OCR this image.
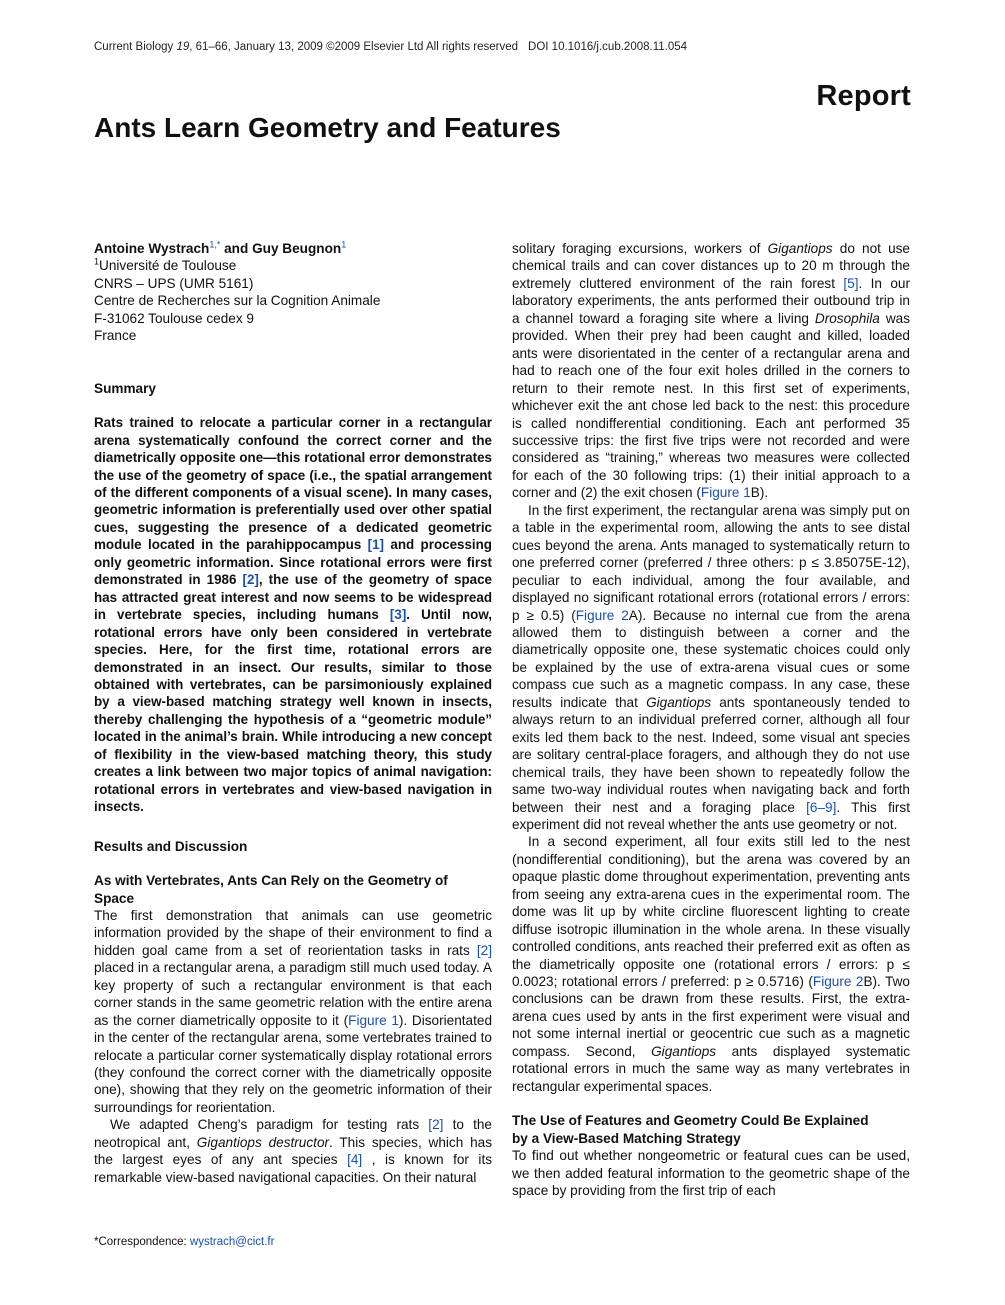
Current Biology 19, 61–66, January 13, 2009 ©2009 Elsevier Ltd All rights reserved DOI 10.1016/j.cub.2008.11.054
Report
Ants Learn Geometry and Features

Antoine Wystrach$^{1,*}$ and Guy Beugnon$^1$

$^1$Université de Toulouse
CNRS – UPS (UMR 5161)
Centre de Recherches sur la Cognition Animale
F-31062 Toulouse cedex 9
France

Summary

Rats trained to relocate a particular corner in a rectangular arena systematically confound the correct corner and the diametrically opposite one—this rotational error demonstrates the use of the geometry of space (i.e., the spatial arrangement of the different components of a visual scene). In many cases, geometric information is preferentially used over other spatial cues, suggesting the presence of a dedicated geometric module located in the parahippocampus [1] and processing only geometric information. Since rotational errors were first demonstrated in 1986 [2], the use of the geometry of space has attracted great interest and now seems to be widespread in vertebrate species, including humans [3]. Until now, rotational errors have only been considered in vertebrate species. Here, for the first time, rotational errors are demonstrated in an insect. Our results, similar to those obtained with vertebrates, can be parsimoniously explained by a view-based matching strategy well known in insects, thereby challenging the hypothesis of a “geometric module” located in the animal’s brain. While introducing a new concept of flexibility in the view-based matching theory, this study creates a link between two major topics of animal navigation: rotational errors in vertebrates and view-based navigation in insects.

Results and Discussion

As with Vertebrates, Ants Can Rely on the Geometry of Space

The first demonstration that animals can use geometric information provided by the shape of their environment to find a hidden goal came from a set of reorientation tasks in rats [2] placed in a rectangular arena, a paradigm still much used today. A key property of such a rectangular environment is that each corner stands in the same geometric relation with the entire arena as the corner diametrically opposite to it (Figure 1). Disorientated in the center of the rectangular arena, some vertebrates trained to relocate a particular corner systematically display rotational errors (they confound the correct corner with the diametrically opposite one), showing that they rely on the geometric information of their surroundings for reorientation.

We adapted Cheng’s paradigm for testing rats [2] to the neotropical ant, Gigantiops destructor. This species, which has the largest eyes of any ant species [4] , is known for its remarkable view-based navigational capacities. On their natural

*Correspondence: wystrach@cict.fr

solitary foraging excursions, workers of Gigantiops do not use chemical trails and can cover distances up to 20 m through the extremely cluttered environment of the rain forest [5]. In our laboratory experiments, the ants performed their outbound trip in a channel toward a foraging site where a living Drosophila was provided. When their prey had been caught and killed, loaded ants were disorientated in the center of a rectangular arena and had to reach one of the four exit holes drilled in the corners to return to their remote nest. In this first set of experiments, whichever exit the ant chose led back to the nest: this procedure is called nondifferential conditioning. Each ant performed 35 successive trips: the first five trips were not recorded and were considered as “training,” whereas two measures were collected for each of the 30 following trips: (1) their initial approach to a corner and (2) the exit chosen (Figure 1B).

In the first experiment, the rectangular arena was simply put on a table in the experimental room, allowing the ants to see distal cues beyond the arena. Ants managed to systematically return to one preferred corner (preferred / three others: p ≤ 3.85075E-12), peculiar to each individual, among the four available, and displayed no significant rotational errors (rotational errors / errors: p ≥ 0.5) (Figure 2A). Because no internal cue from the arena allowed them to distinguish between a corner and the diametrically opposite one, these systematic choices could only be explained by the use of extra-arena visual cues or some compass cue such as a magnetic compass. In any case, these results indicate that Gigantiops ants spontaneously tended to always return to an individual preferred corner, although all four exits led them back to the nest. Indeed, some visual ant species are solitary central-place foragers, and although they do not use chemical trails, they have been shown to repeatedly follow the same two-way individual routes when navigating back and forth between their nest and a foraging place [6–9]. This first experiment did not reveal whether the ants use geometry or not.

In a second experiment, all four exits still led to the nest (nondifferential conditioning), but the arena was covered by an opaque plastic dome throughout experimentation, preventing ants from seeing any extra-arena cues in the experimental room. The dome was lit up by white circline fluorescent lighting to create diffuse isotropic illumination in the whole arena. In these visually controlled conditions, ants reached their preferred exit as often as the diametrically opposite one (rotational errors / errors: p ≤ 0.0023; rotational errors / preferred: p ≥ 0.5716) (Figure 2B). Two conclusions can be drawn from these results. First, the extra-arena cues used by ants in the first experiment were visual and not some internal inertial or geocentric cue such as a magnetic compass. Second, Gigantiops ants displayed systematic rotational errors in much the same way as many vertebrates in rectangular experimental spaces.

The Use of Features and Geometry Could Be Explained by a View-Based Matching Strategy

To find out whether nongeometric or featural cues can be used, we then added featural information to the geometric shape of the space by providing from the first trip of each
